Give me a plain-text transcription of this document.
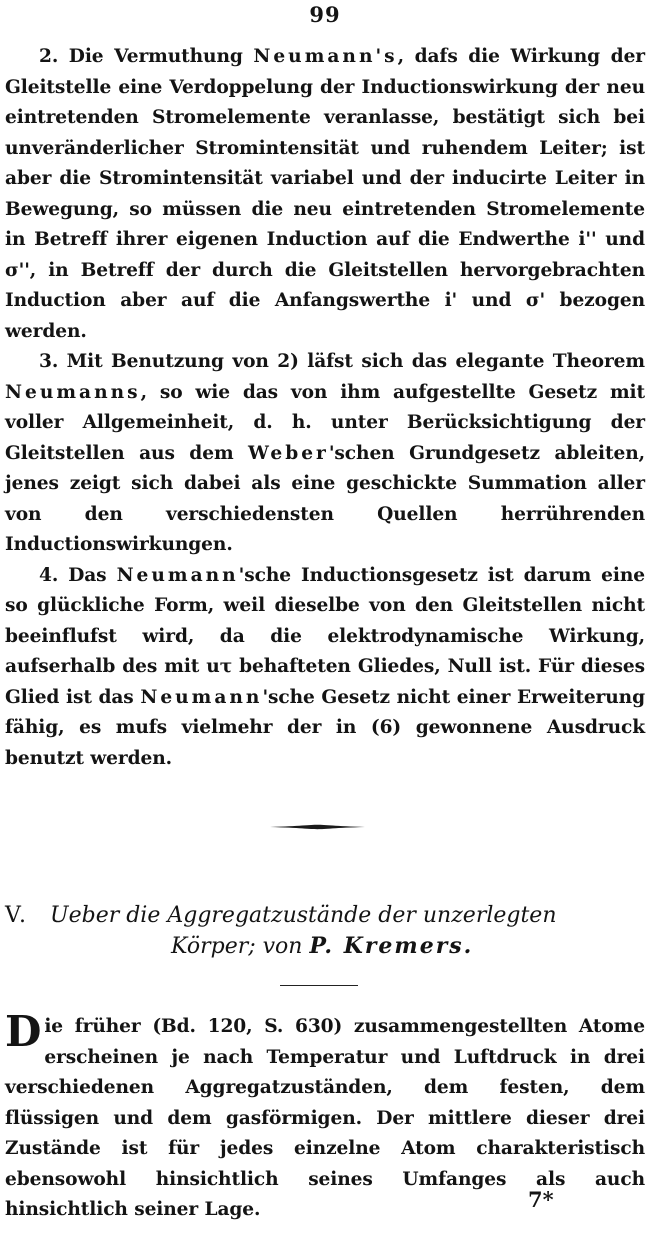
99

2. Die Vermuthung Neumann's, dafs die Wirkung der Gleitstelle eine Verdoppelung der Inductionswirkung der neu eintretenden Stromelemente veranlasse, bestätigt sich bei unveränderlicher Stromintensität und ruhendem Leiter; ist aber die Stromintensität variabel und der inducirte Leiter in Bewegung, so müssen die neu eintretenden Stromelemente in Betreff ihrer eigenen Induction auf die Endwerthe i'' und σ'', in Betreff der durch die Gleitstellen hervorgebrachten Induction aber auf die Anfangswerthe i' und σ' bezogen werden.

3. Mit Benutzung von 2) läfst sich das elegante Theorem Neumanns, so wie das von ihm aufgestellte Gesetz mit voller Allgemeinheit, d. h. unter Berücksichtigung der Gleitstellen aus dem Weber'schen Grundgesetz ableiten, jenes zeigt sich dabei als eine geschickte Summation aller von den verschiedensten Quellen herrührenden Inductionswirkungen.

4. Das Neumann'sche Inductionsgesetz ist darum eine so glückliche Form, weil dieselbe von den Gleitstellen nicht beeinflufst wird, da die elektrodynamische Wirkung, aufserhalb des mit uτ behafteten Gliedes, Null ist. Für dieses Glied ist das Neumann'sche Gesetz nicht einer Erweiterung fähig, es mufs vielmehr der in (6) gewonnene Ausdruck benutzt werden.

V. Ueber die Aggregatzustände der unzerlegten
Körper; von P. Kremers.

Die früher (Bd. 120, S. 630) zusammengestellten Atome erscheinen je nach Temperatur und Luftdruck in drei verschiedenen Aggregatzuständen, dem festen, dem flüssigen und dem gasförmigen. Der mittlere dieser drei Zustände ist für jedes einzelne Atom charakteristisch ebensowohl hinsichtlich seines Umfanges als auch hinsichtlich seiner Lage.	7*
